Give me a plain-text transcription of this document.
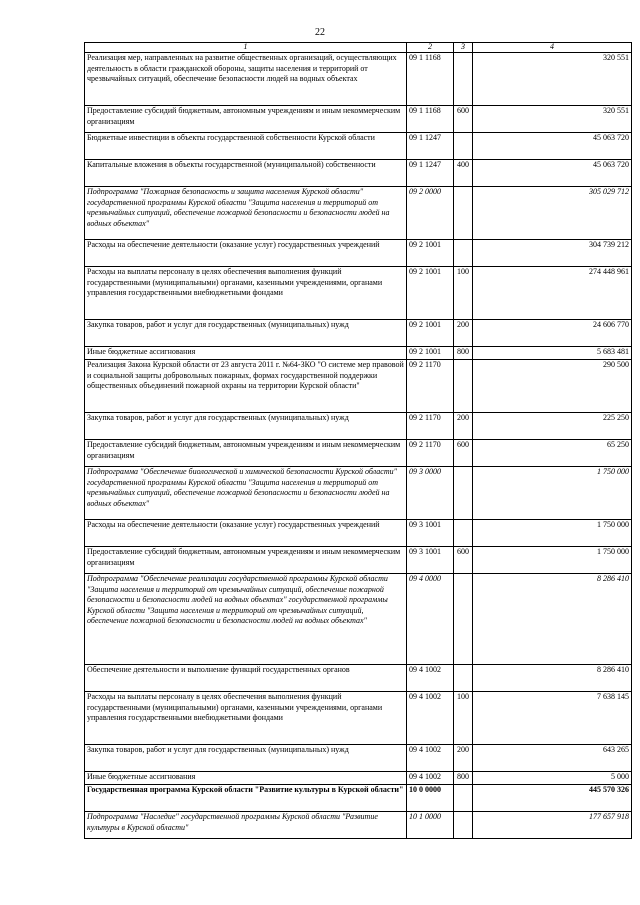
22
1	2	3	4
Реализация мер, направленных на развитие общественных организаций, осуществляющих деятельность в области гражданской обороны, защиты населения и территорий от чрезвычайных ситуаций, обеспечение безопасности людей на водных объектах	09 1 1168		320 551
Предоставление субсидий бюджетным, автономным учреждениям и иным некоммерческим организациям	09 1 1168	600	320 551
Бюджетные инвестиции в объекты государственной собственности Курской области	09 1 1247		45 063 720
Капитальные вложения в объекты государственной (муниципальной) собственности	09 1 1247	400	45 063 720
Подпрограмма "Пожарная безопасность и защита населения Курской области" государственной программы Курской области "Защита населения и территорий от чрезвычайных ситуаций, обеспечение пожарной безопасности и безопасности людей на водных объектах"	09 2 0000		305 029 712
Расходы на обеспечение деятельности (оказание услуг) государственных учреждений	09 2 1001		304 739 212
Расходы на выплаты персоналу в целях обеспечения выполнения функций государственными (муниципальными) органами, казенными учреждениями, органами управления государственными внебюджетными фондами	09 2 1001	100	274 448 961
Закупка товаров, работ и услуг для государственных (муниципальных) нужд	09 2 1001	200	24 606 770
Иные бюджетные ассигнования	09 2 1001	800	5 683 481
Реализация Закона Курской области от 23 августа 2011 г. №64-ЗКО "О системе мер правовой и социальной защиты добровольных пожарных, формах государственной поддержки общественных объединений пожарной охраны на территории Курской области"	09 2 1170		290 500
Закупка товаров, работ и услуг для государственных (муниципальных) нужд	09 2 1170	200	225 250
Предоставление субсидий бюджетным, автономным учреждениям и иным некоммерческим организациям	09 2 1170	600	65 250
Подпрограмма "Обеспечение биологической и химической безопасности Курской области" государственной программы Курской области "Защита населения и территорий от чрезвычайных ситуаций, обеспечение пожарной безопасности и безопасности людей на водных объектах"	09 3 0000		1 750 000
Расходы на обеспечение деятельности (оказание услуг) государственных учреждений	09 3 1001		1 750 000
Предоставление субсидий бюджетным, автономным учреждениям и иным некоммерческим организациям	09 3 1001	600	1 750 000
Подпрограмма "Обеспечение реализации государственной программы Курской области "Защита населения и территорий от чрезвычайных ситуаций, обеспечение пожарной безопасности и безопасности людей на водных объектах" государственной программы Курской области "Защита населения и территорий от чрезвычайных ситуаций, обеспечение пожарной безопасности и безопасности людей на водных объектах"	09 4 0000		8 286 410
Обеспечение деятельности и выполнение функций государственных органов	09 4 1002		8 286 410
Расходы на выплаты персоналу в целях обеспечения выполнения функций государственными (муниципальными) органами, казенными учреждениями, органами управления государственными внебюджетными фондами	09 4 1002	100	7 638 145
Закупка товаров, работ и услуг для государственных (муниципальных) нужд	09 4 1002	200	643 265
Иные бюджетные ассигнования	09 4 1002	800	5 000
Государственная программа Курской области "Развитие культуры в Курской области"	10 0 0000		445 570 326
Подпрограмма "Наследие" государственной программы Курской области "Развитие культуры в Курской области"	10 1 0000		177 657 918
